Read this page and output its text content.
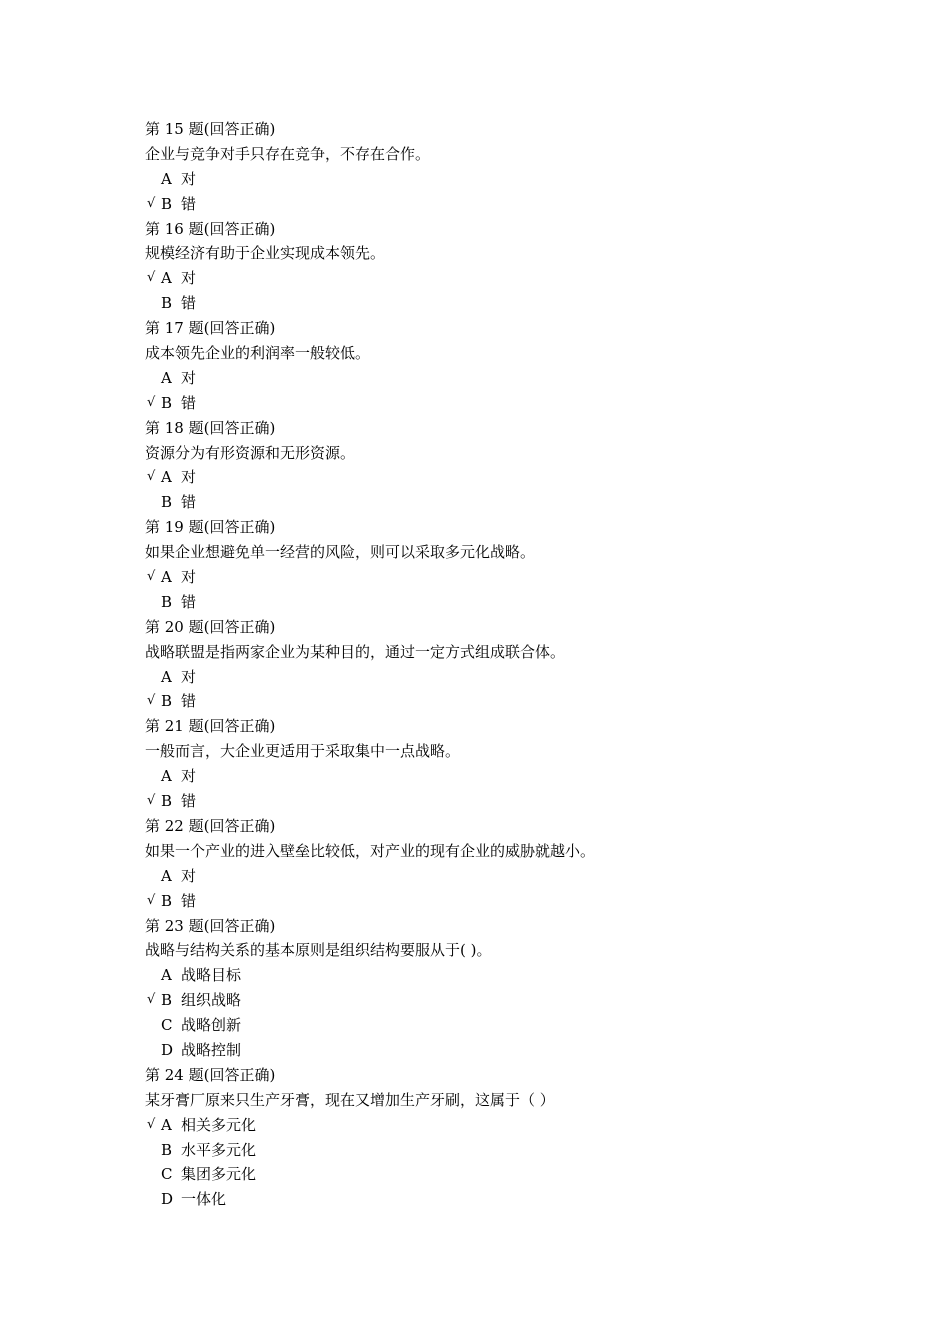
第 15 题(回答正确)
企业与竞争对手只存在竞争，不存在合作。
A 对
√ B 错
第 16 题(回答正确)
规模经济有助于企业实现成本领先。
√ A 对
B 错
第 17 题(回答正确)
成本领先企业的利润率一般较低。
A 对
√ B 错
第 18 题(回答正确)
资源分为有形资源和无形资源。
√ A 对
B 错
第 19 题(回答正确)
如果企业想避免单一经营的风险，则可以采取多元化战略。
√ A 对
B 错
第 20 题(回答正确)
战略联盟是指两家企业为某种目的，通过一定方式组成联合体。
A 对
√ B 错
第 21 题(回答正确)
一般而言，大企业更适用于采取集中一点战略。
A 对
√ B 错
第 22 题(回答正确)
如果一个产业的进入壁垒比较低，对产业的现有企业的威胁就越小。
A 对
√ B 错
第 23 题(回答正确)
战略与结构关系的基本原则是组织结构要服从于( )。
A 战略目标
√ B 组织战略
C 战略创新
D 战略控制
第 24 题(回答正确)
某牙膏厂原来只生产牙膏，现在又增加生产牙刷，这属于（ ）
√ A 相关多元化
B 水平多元化
C 集团多元化
D 一体化
